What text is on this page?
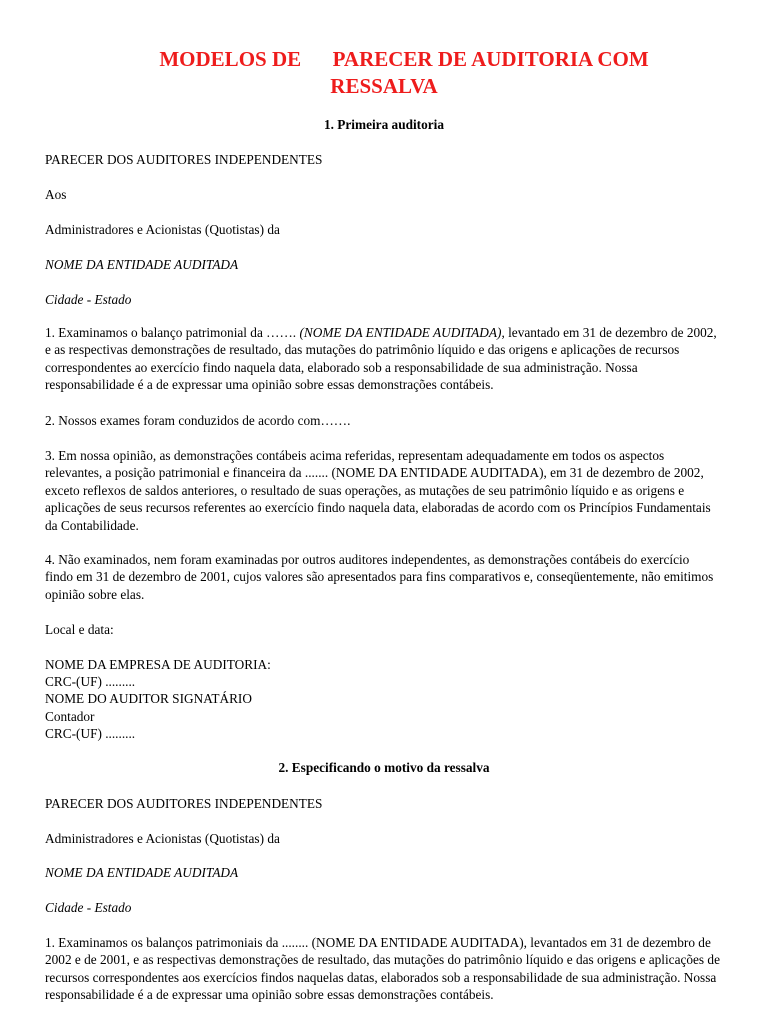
MODELOS DE      PARECER DE AUDITORIA COM
RESSALVA
1. Primeira auditoria
PARECER DOS AUDITORES INDEPENDENTES
Aos
Administradores e Acionistas (Quotistas) da
NOME DA ENTIDADE AUDITADA
Cidade - Estado
1. Examinamos o balanço patrimonial da ……. (NOME DA ENTIDADE AUDITADA), levantado em 31 de dezembro de 2002, e as respectivas demonstrações de resultado, das mutações do patrimônio líquido e das origens e aplicações de recursos correspondentes ao exercício findo naquela data, elaborado sob a responsabilidade de sua administração. Nossa responsabilidade é a de expressar uma opinião sobre essas demonstrações contábeis.
2. Nossos exames foram conduzidos de acordo com…….
3. Em nossa opinião, as demonstrações contábeis acima referidas, representam adequadamente em todos os aspectos relevantes, a posição patrimonial e financeira da ....... (NOME DA ENTIDADE AUDITADA), em 31 de dezembro de 2002, exceto reflexos de saldos anteriores, o resultado de suas operações, as mutações de seu patrimônio líquido e as origens e aplicações de seus recursos referentes ao exercício findo naquela data, elaboradas de acordo com os Princípios Fundamentais da Contabilidade.
4. Não examinados, nem foram examinadas por outros auditores independentes, as demonstrações contábeis do exercício findo em 31 de dezembro de 2001, cujos valores são apresentados para fins comparativos e, conseqüentemente, não emitimos opinião sobre elas.
Local e data:
NOME DA EMPRESA DE AUDITORIA:
CRC-(UF) .........
NOME DO AUDITOR SIGNATÁRIO
Contador
CRC-(UF) .........
2. Especificando o motivo da ressalva
PARECER DOS AUDITORES INDEPENDENTES
Administradores e Acionistas (Quotistas) da
NOME DA ENTIDADE AUDITADA
Cidade - Estado
1. Examinamos os balanços patrimoniais da ........ (NOME DA ENTIDADE AUDITADA), levantados em 31 de dezembro de 2002 e de 2001, e as respectivas demonstrações de resultado, das mutações do patrimônio líquido e das origens e aplicações de recursos correspondentes aos exercícios findos naquelas datas, elaborados sob a responsabilidade de sua administração. Nossa responsabilidade é a de expressar uma opinião sobre essas demonstrações contábeis.
